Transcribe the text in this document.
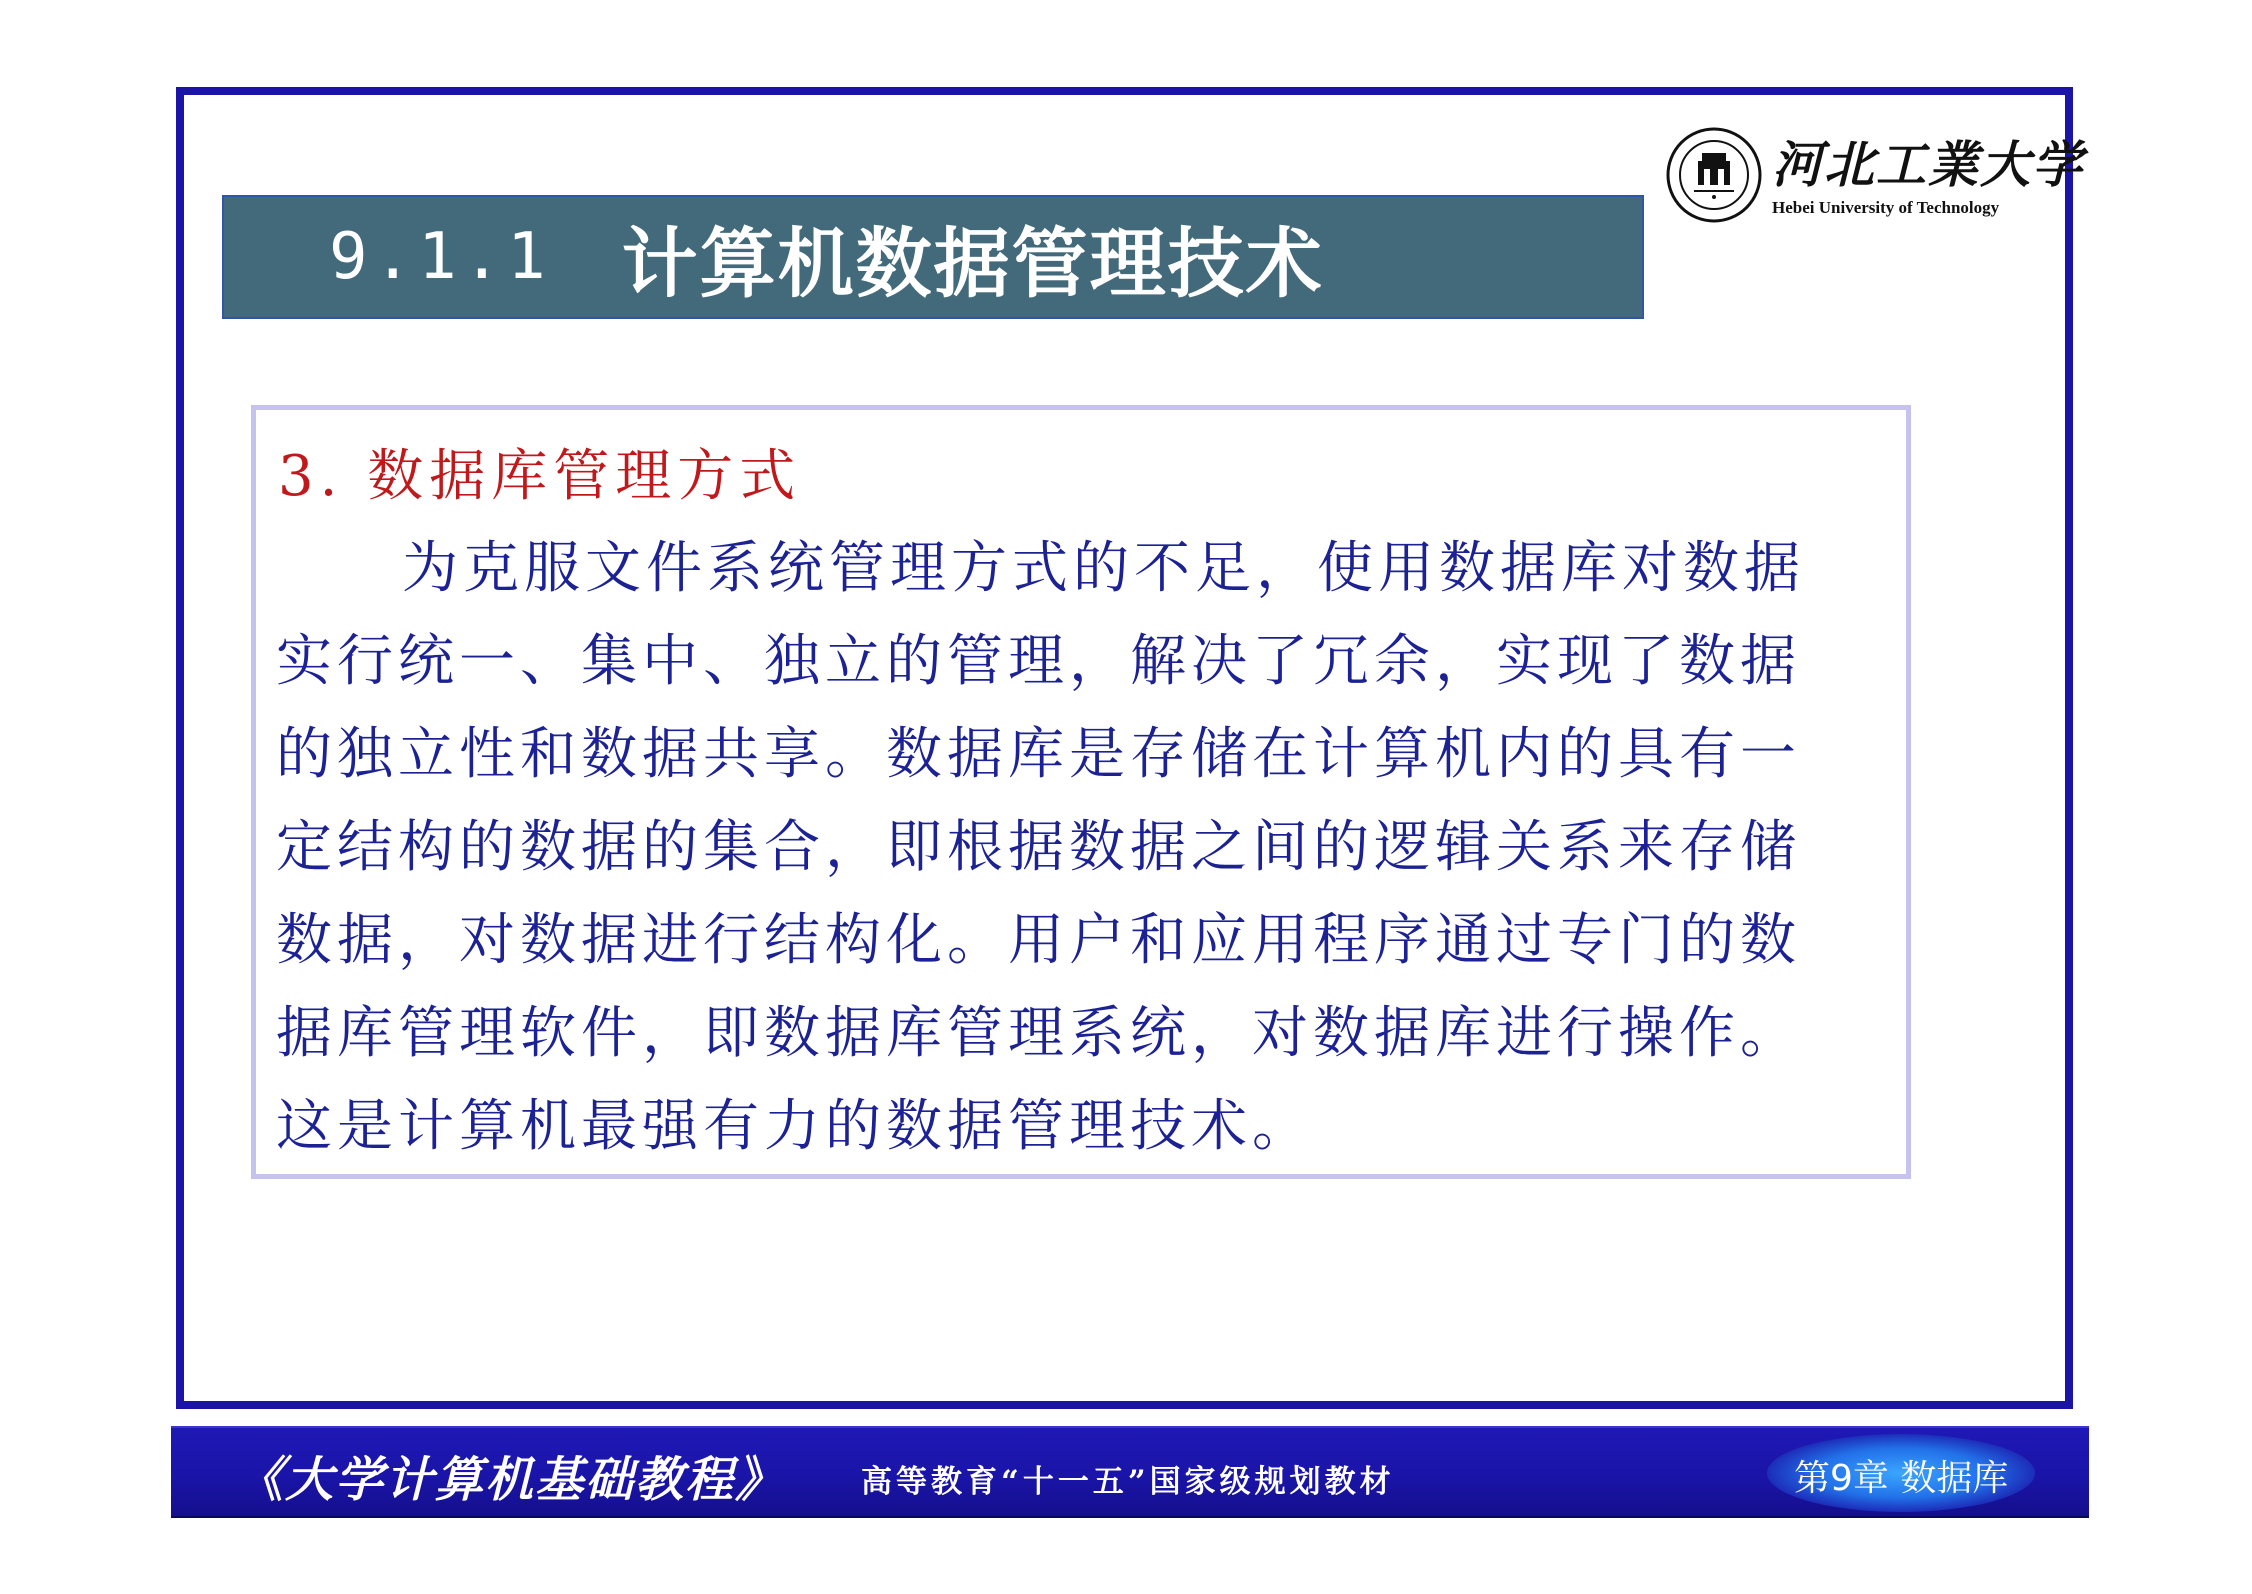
9.1.1 计算机数据管理技术
河北工業大学
Hebei University of Technology
3. 数据库管理方式
为克服文件系统管理方式的不足，使用数据库对数据
实行统一、集中、独立的管理，解决了冗余，实现了数据
的独立性和数据共享。数据库是存储在计算机内的具有一
定结构的数据的集合，即根据数据之间的逻辑关系来存储
数据，对数据进行结构化。用户和应用程序通过专门的数
据库管理软件，即数据库管理系统，对数据库进行操作。
这是计算机最强有力的数据管理技术。
《大学计算机基础教程》 高等教育“十一五”国家级规划教材	第9章 数据库
